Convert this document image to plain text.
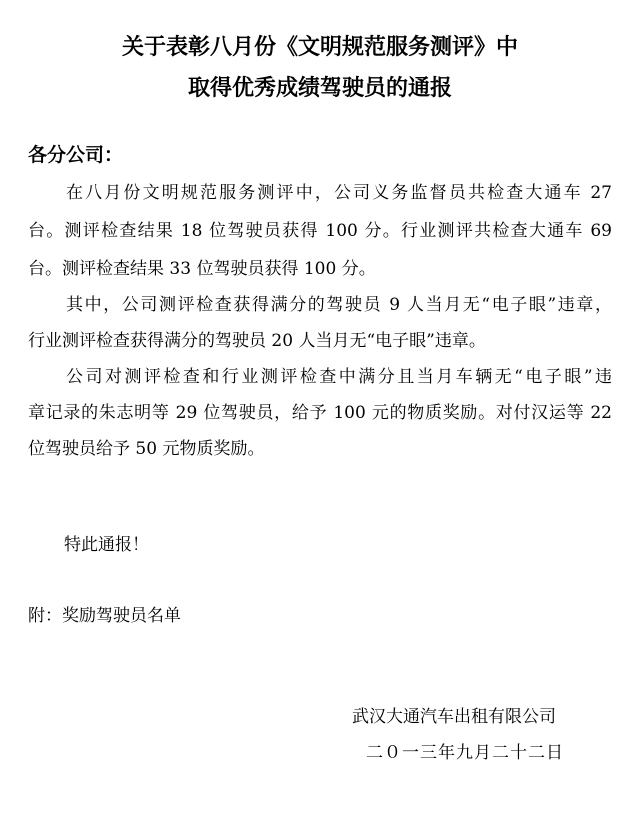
关于表彰八月份《文明规范服务测评》中
取得优秀成绩驾驶员的通报
各分公司：
在八月份文明规范服务测评中，公司义务监督员共检查大通车 27
台。测评检查结果 18 位驾驶员获得 100 分。行业测评共检查大通车 69
台。测评检查结果 33 位驾驶员获得 100 分。
其中，公司测评检查获得满分的驾驶员 9 人当月无“电子眼”违章，
行业测评检查获得满分的驾驶员 20 人当月无“电子眼”违章。
公司对测评检查和行业测评检查中满分且当月车辆无“电子眼”违
章记录的朱志明等 29 位驾驶员，给予 100 元的物质奖励。对付汉运等 22
位驾驶员给予 50 元物质奖励。
特此通报！
附：奖励驾驶员名单
武汉大通汽车出租有限公司
二０一三年九月二十二日
